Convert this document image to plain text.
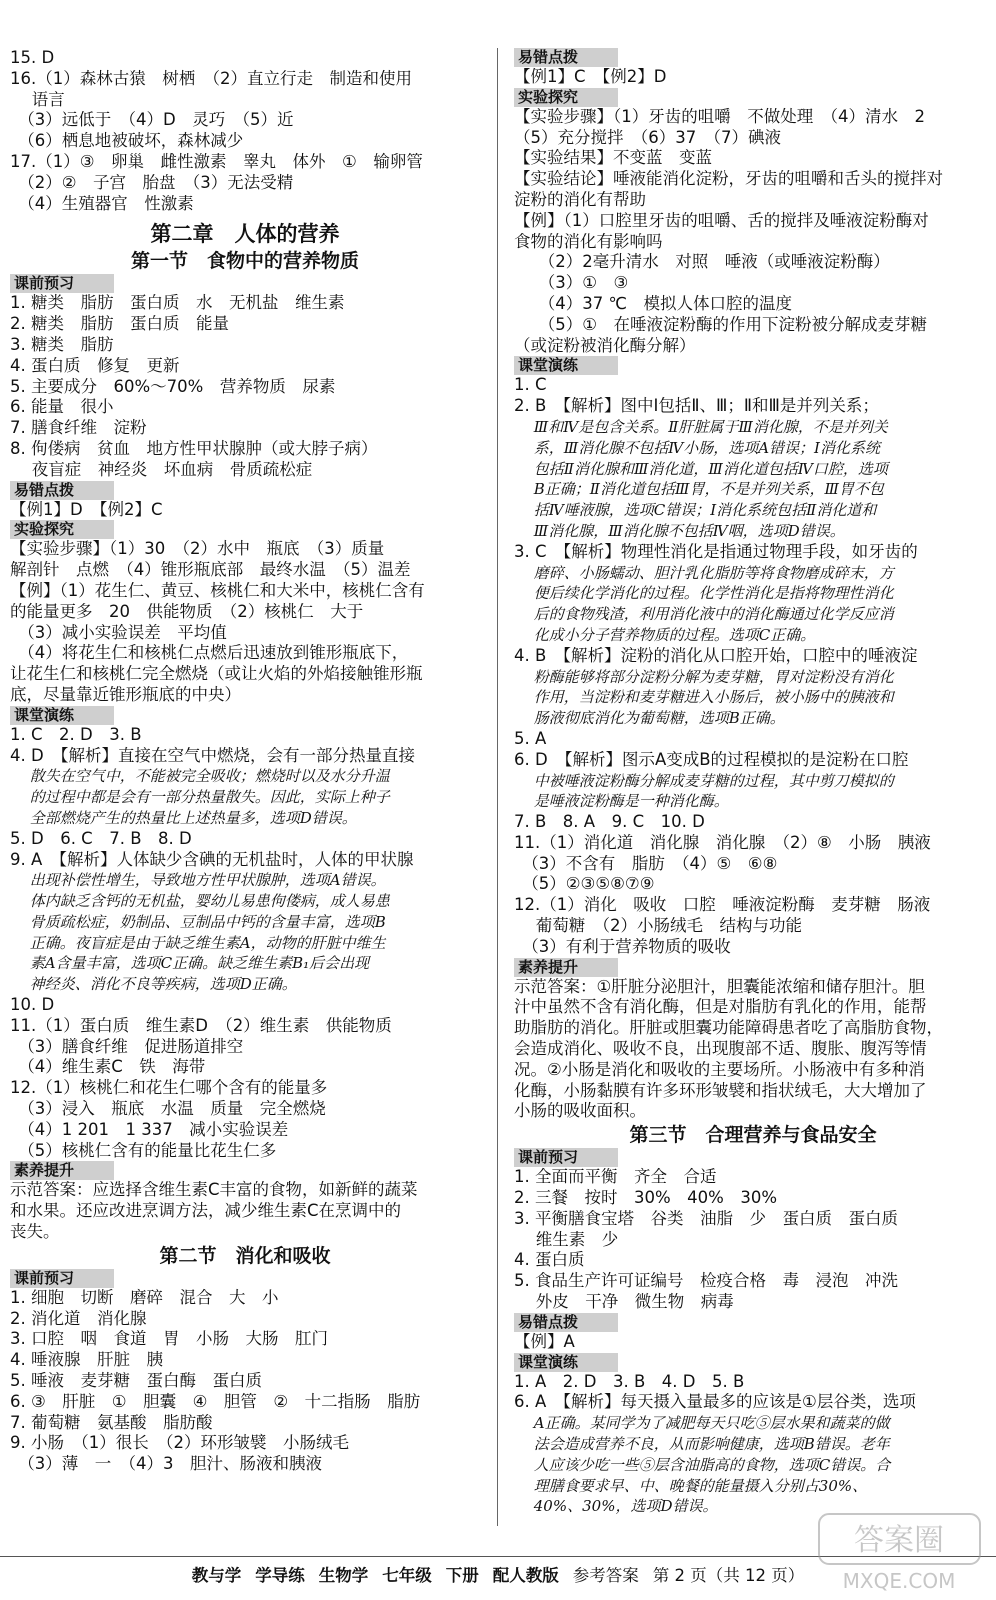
15. D
16.（1）森林古猿　树栖　（2）直立行走　制造和使用
　 语言
　（3）远低于　（4）D　灵巧　（5）近
　（6）栖息地被破坏，森林减少
17.（1）③　卵巢　雌性激素　睾丸　体外　①　输卵管
　（2）②　子宫　胎盘　（3）无法受精
　（4）生殖器官　性激素
第二章　人体的营养
第一节　食物中的营养物质
课前预习
1. 糖类　脂肪　蛋白质　水　无机盐　维生素
2. 糖类　脂肪　蛋白质　能量
3. 糖类　脂肪
4. 蛋白质　修复　更新
5. 主要成分　60%～70%　营养物质　尿素
6. 能量　很小
7. 膳食纤维　淀粉
8. 佝偻病　贫血　地方性甲状腺肿（或大脖子病）
　 夜盲症　神经炎　坏血病　骨质疏松症
易错点拨
【例1】D　【例2】C
实验探究
【实验步骤】（1）30　（2）水中　瓶底　（3）质量
解剖针　点燃　（4）锥形瓶底部　最终水温　（5）温差
【例】（1）花生仁、黄豆、核桃仁和大米中，核桃仁含有
的能量更多　20　供能物质　（2）核桃仁　大于
　（3）减小实验误差　平均值
　（4）将花生仁和核桃仁点燃后迅速放到锥形瓶底下，
让花生仁和核桃仁完全燃烧（或让火焰的外焰接触锥形瓶
底，尽量靠近锥形瓶底的中央）
课堂演练
1. C　2. D　3. B
4. D　【解析】直接在空气中燃烧，会有一部分热量直接
　 散失在空气中，不能被完全吸收；燃烧时以及水分升温
　 的过程中都是会有一部分热量散失。因此，实际上种子
　 全部燃烧产生的热量比上述热量多，选项D错误。
5. D　6. C　7. B　8. D
9. A　【解析】人体缺少含碘的无机盐时，人体的甲状腺
　 出现补偿性增生，导致地方性甲状腺肿，选项A错误。
　 体内缺乏含钙的无机盐，婴幼儿易患佝偻病，成人易患
　 骨质疏松症，奶制品、豆制品中钙的含量丰富，选项B
　 正确。夜盲症是由于缺乏维生素A，动物的肝脏中维生
　 素A含量丰富，选项C正确。缺乏维生素B₁后会出现
　 神经炎、消化不良等疾病，选项D正确。
10. D
11.（1）蛋白质　维生素D　（2）维生素　供能物质
　（3）膳食纤维　促进肠道排空
　（4）维生素C　铁　海带
12.（1）核桃仁和花生仁哪个含有的能量多
　（3）浸入　瓶底　水温　质量　完全燃烧
　（4）1 201　1 337　减小实验误差
　（5）核桃仁含有的能量比花生仁多
素养提升
示范答案：应选择含维生素C丰富的食物，如新鲜的蔬菜
和水果。还应改进烹调方法，减少维生素C在烹调中的
丧失。
第二节　消化和吸收
课前预习
1. 细胞　切断　磨碎　混合　大　小
2. 消化道　消化腺
3. 口腔　咽　食道　胃　小肠　大肠　肛门
4. 唾液腺　肝脏　胰
5. 唾液　麦芽糖　蛋白酶　蛋白质
6. ③　肝脏　①　胆囊　④　胆管　②　十二指肠　脂肪
7. 葡萄糖　氨基酸　脂肪酸
9. 小肠　（1）很长　（2）环形皱襞　小肠绒毛
　（3）薄　一　（4）3　胆汁、肠液和胰液
易错点拨
【例1】C　【例2】D
实验探究
【实验步骤】（1）牙齿的咀嚼　不做处理　（4）清水　2
（5）充分搅拌　（6）37　（7）碘液
【实验结果】不变蓝　变蓝
【实验结论】唾液能消化淀粉，牙齿的咀嚼和舌头的搅拌对
淀粉的消化有帮助
【例】（1）口腔里牙齿的咀嚼、舌的搅拌及唾液淀粉酶对
食物的消化有影响吗
　　（2）2毫升清水　对照　唾液（或唾液淀粉酶）
　　（3）①　③
　　（4）37 ℃　模拟人体口腔的温度
　　（5）①　在唾液淀粉酶的作用下淀粉被分解成麦芽糖
（或淀粉被消化酶分解）
课堂演练
1. C
2. B　【解析】图中Ⅰ包括Ⅱ、Ⅲ；Ⅱ和Ⅲ是并列关系；
　 Ⅲ和Ⅳ是包含关系。Ⅱ肝脏属于Ⅲ消化腺，不是并列关
　 系，Ⅲ消化腺不包括Ⅳ小肠，选项A错误；Ⅰ消化系统
　 包括Ⅱ消化腺和Ⅲ消化道，Ⅲ消化道包括Ⅳ口腔，选项
　 B正确；Ⅱ消化道包括Ⅲ胃，不是并列关系，Ⅲ胃不包
　 括Ⅳ唾液腺，选项C错误；Ⅰ消化系统包括Ⅱ消化道和
　 Ⅲ消化腺，Ⅲ消化腺不包括Ⅳ咽，选项D错误。
3. C　【解析】物理性消化是指通过物理手段，如牙齿的
　 磨碎、小肠蠕动、胆汁乳化脂肪等将食物磨成碎末，方
　 便后续化学消化的过程。化学性消化是指将物理性消化
　 后的食物残渣，利用消化液中的消化酶通过化学反应消
　 化成小分子营养物质的过程。选项C正确。
4. B　【解析】淀粉的消化从口腔开始，口腔中的唾液淀
　 粉酶能够将部分淀粉分解为麦芽糖，胃对淀粉没有消化
　 作用，当淀粉和麦芽糖进入小肠后，被小肠中的胰液和
　 肠液彻底消化为葡萄糖，选项B正确。
5. A
6. D　【解析】图示A变成B的过程模拟的是淀粉在口腔
　 中被唾液淀粉酶分解成麦芽糖的过程，其中剪刀模拟的
　 是唾液淀粉酶是一种消化酶。
7. B　8. A　9. C　10. D
11.（1）消化道　消化腺　消化腺　（2）⑧　小肠　胰液
　（3）不含有　脂肪　（4）⑤　⑥⑧
　（5）②③⑤⑧⑦⑨
12.（1）消化　吸收　口腔　唾液淀粉酶　麦芽糖　肠液
　 葡萄糖　（2）小肠绒毛　结构与功能
　（3）有利于营养物质的吸收
素养提升
示范答案：①肝脏分泌胆汁，胆囊能浓缩和储存胆汁。胆
汁中虽然不含有消化酶，但是对脂肪有乳化的作用，能帮
助脂肪的消化。肝脏或胆囊功能障碍患者吃了高脂肪食物，
会造成消化、吸收不良，出现腹部不适、腹胀、腹泻等情
况。②小肠是消化和吸收的主要场所。小肠液中有多种消
化酶，小肠黏膜有许多环形皱襞和指状绒毛，大大增加了
小肠的吸收面积。
第三节　合理营养与食品安全
课前预习
1. 全面而平衡　齐全　合适
2. 三餐　按时　30%　40%　30%
3. 平衡膳食宝塔　谷类　油脂　少　蛋白质　蛋白质
　 维生素　少
4. 蛋白质
5. 食品生产许可证编号　检疫合格　毒　浸泡　冲洗
　 外皮　干净　微生物　病毒
易错点拨
【例】A
课堂演练
1. A　2. D　3. B　4. D　5. B
6. A　【解析】每天摄入量最多的应该是①层谷类，选项
　 A正确。某同学为了减肥每天只吃⑤层水果和蔬菜的做
　 法会造成营养不良，从而影响健康，选项B错误。老年
　 人应该少吃一些⑤层含油脂高的食物，选项C错误。合
　 理膳食要求早、中、晚餐的能量摄入分别占30%、
　 40%、30%，选项D错误。
教与学 学导练 生物学 七年级 下册 配人教版 参考答案 第 2 页（共 12 页）
答案圈
MXQE.COM
